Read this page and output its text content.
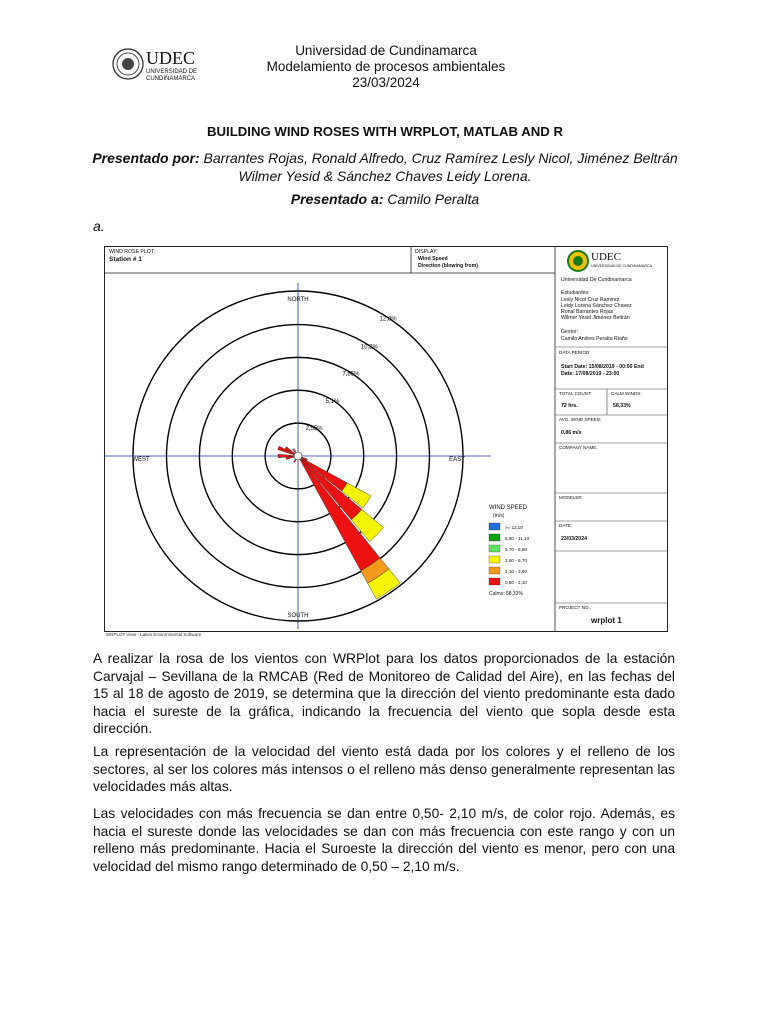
UDEC
UNIVERSIDAD DE
CUNDINAMARCA
Universidad de Cundinamarca
Modelamiento de procesos ambientales
23/03/2024
BUILDING WIND ROSES WITH WRPLOT, MATLAB AND R
Presentado por: Barrantes Rojas, Ronald Alfredo, Cruz Ramírez Lesly Nicol, Jiménez Beltrán Wilmer Yesid & Sánchez Chaves Leidy Lorena.
Presentado a: Camilo Peralta
a.
NORTH
EAST
SOUTH
WEST
2,55%
5,1%
7,65%
10,2%
12,8%
WIND SPEED
(m/s)
>= 11,10
8,80 - 11,10
5,70 - 8,80
3,60 - 5,70
2,10 - 3,60
0,50 - 2,10
Calms: 58,33%
WIND ROSE PLOT:
Station # 1
DISPLAY:
Wind Speed
Direction (blowing from)
UDEC
UNIVERSIDAD DE CUNDINAMARCA
Universidad De Cundinamarca
Estudiantes:
Lesly Nicol Cruz Ramirez
Leidy Lorena Sánchez Chavez
Ronal Barrantes Rojas
Wilmer Yesid Jiménez Beltrán
Gestor:
Camilo Andres Peralta Riaño
DATA PERIOD:
Start Date: 15/08/2019 - 00:00 End
Date: 17/08/2019 - 23:00
TOTAL COUNT:
72 hrs.
CALM WINDS:
58,33%
AVG. WIND SPEED:
0,86 m/s
COMPANY NAME:
MODELER:
DATE:
23/03/2024
PROJECT NO.:
wrplot 1
WRPLOT View - Lakes Environmental Software
A realizar la rosa de los vientos con WRPlot para los datos proporcionados de la estación Carvajal – Sevillana de la RMCAB (Red de Monitoreo de Calidad del Aire), en las fechas del 15 al 18 de agosto de 2019, se determina que la dirección del viento predominante esta dado hacia el sureste de la gráfica, indicando la frecuencia del viento que sopla desde esta dirección.
La representación de la velocidad del viento está dada por los colores y el relleno de los sectores, al ser los colores más intensos o el relleno más denso generalmente representan las velocidades más altas.
Las velocidades con más frecuencia se dan entre 0,50- 2,10 m/s, de color rojo. Además, es hacia el sureste donde las velocidades se dan con más frecuencia con este rango y con un relleno más predominante. Hacia el Suroeste la dirección del viento es menor, pero con una velocidad del mismo rango determinado de 0,50 – 2,10 m/s.
